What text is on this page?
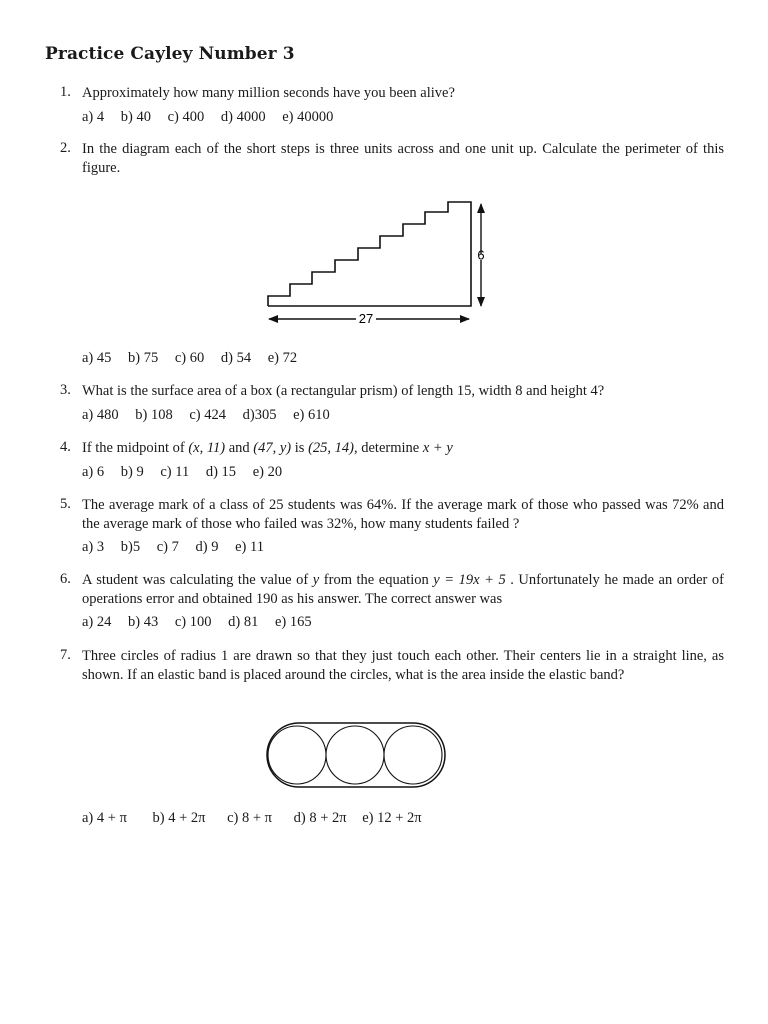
Practice Cayley Number 3
1. Approximately how many million seconds have you been alive?
a) 4 b) 40 c) 400 d) 4000 e) 40000
2. In the diagram each of the short steps is three units across and one unit up. Calculate the perimeter of this figure.
9
27
a) 45 b) 75 c) 60 d) 54 e) 72
3. What is the surface area of a box (a rectangular prism) of length 15, width 8 and height 4?
a) 480 b) 108 c) 424 d)305 e) 610
4. If the midpoint of (x, 11) and (47, y) is (25, 14), determine x + y
a) 6 b) 9 c) 11 d) 15 e) 20
5. The average mark of a class of 25 students was 64%. If the average mark of those who passed was 72% and the average mark of those who failed was 32%, how many students failed ?
a) 3 b)5 c) 7 d) 9 e) 11
6. A student was calculating the value of y from the equation y = 19x + 5 . Unfortunately he made an order of operations error and obtained 190 as his answer. The correct answer was
a) 24 b) 43 c) 100 d) 81 e) 165
7. Three circles of radius 1 are drawn so that they just touch each other. Their centers lie in a straight line, as shown. If an elastic band is placed around the circles, what is the area inside the elastic band?
a) 4 + π b) 4 + 2π c) 8 + π d) 8 + 2π e) 12 + 2π
